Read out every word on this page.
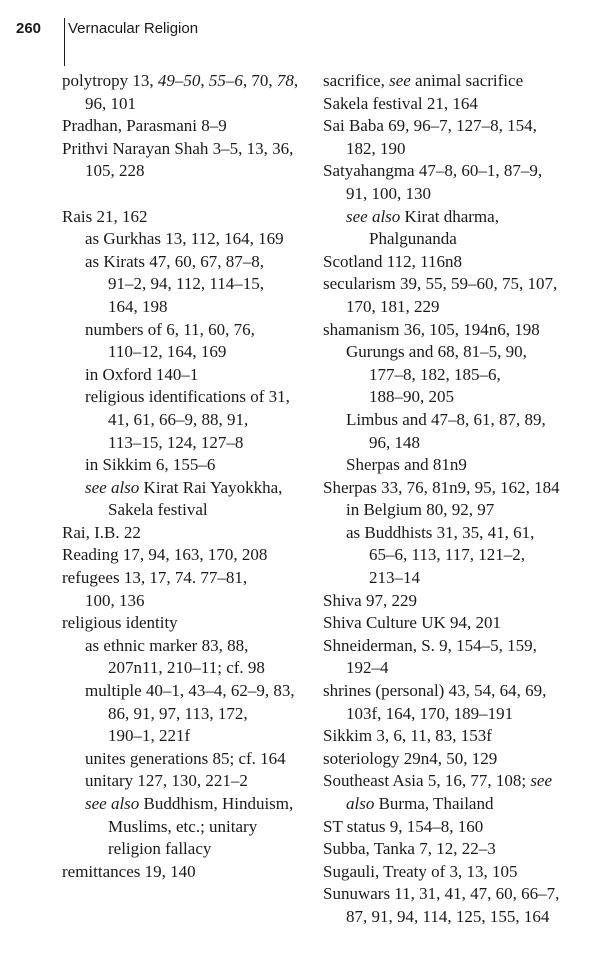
260 Vernacular Religion
polytropy 13, 49–50, 55–6, 70, 78,
96, 101
Pradhan, Parasmani 8–9
Prithvi Narayan Shah 3–5, 13, 36,
105, 228
Rais 21, 162
as Gurkhas 13, 112, 164, 169
as Kirats 47, 60, 67, 87–8,
91–2, 94, 112, 114–15,
164, 198
numbers of 6, 11, 60, 76,
110–12, 164, 169
in Oxford 140–1
religious identifications of 31,
41, 61, 66–9, 88, 91,
113–15, 124, 127–8
in Sikkim 6, 155–6
see also Kirat Rai Yayokkha,
Sakela festival
Rai, I.B. 22
Reading 17, 94, 163, 170, 208
refugees 13, 17, 74. 77–81,
100, 136
religious identity
as ethnic marker 83, 88,
207n11, 210–11; cf. 98
multiple 40–1, 43–4, 62–9, 83,
86, 91, 97, 113, 172,
190–1, 221f
unites generations 85; cf. 164
unitary 127, 130, 221–2
see also Buddhism, Hinduism,
Muslims, etc.; unitary
religion fallacy
remittances 19, 140
sacrifice, see animal sacrifice
Sakela festival 21, 164
Sai Baba 69, 96–7, 127–8, 154,
182, 190
Satyahangma 47–8, 60–1, 87–9,
91, 100, 130
see also Kirat dharma,
Phalgunanda
Scotland 112, 116n8
secularism 39, 55, 59–60, 75, 107,
170, 181, 229
shamanism 36, 105, 194n6, 198
Gurungs and 68, 81–5, 90,
177–8, 182, 185–6,
188–90, 205
Limbus and 47–8, 61, 87, 89,
96, 148
Sherpas and 81n9
Sherpas 33, 76, 81n9, 95, 162, 184
in Belgium 80, 92, 97
as Buddhists 31, 35, 41, 61,
65–6, 113, 117, 121–2,
213–14
Shiva 97, 229
Shiva Culture UK 94, 201
Shneiderman, S. 9, 154–5, 159,
192–4
shrines (personal) 43, 54, 64, 69,
103f, 164, 170, 189–191
Sikkim 3, 6, 11, 83, 153f
soteriology 29n4, 50, 129
Southeast Asia 5, 16, 77, 108; see
also Burma, Thailand
ST status 9, 154–8, 160
Subba, Tanka 7, 12, 22–3
Sugauli, Treaty of 3, 13, 105
Sunuwars 11, 31, 41, 47, 60, 66–7,
87, 91, 94, 114, 125, 155, 164
